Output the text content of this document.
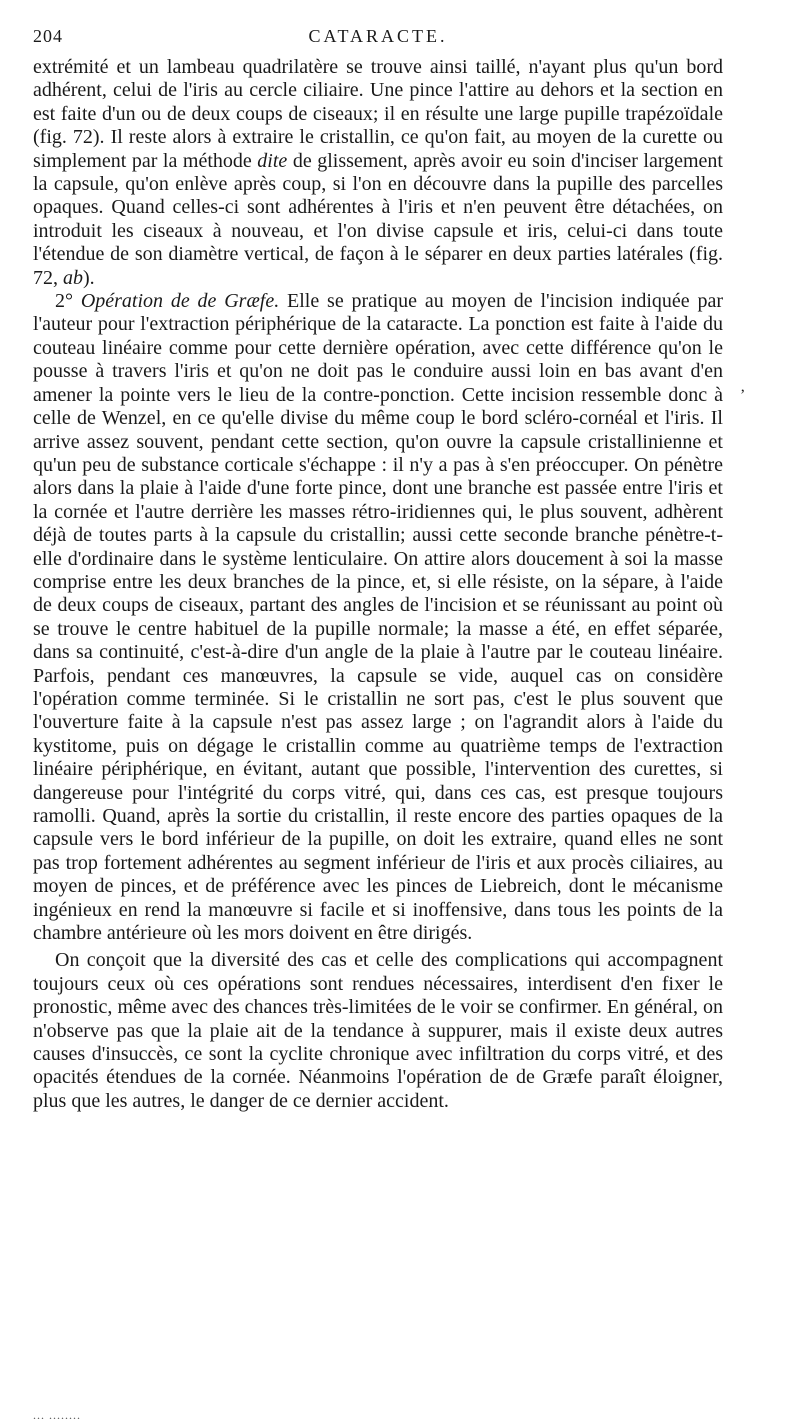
204	CATARACTE.

extrémité et un lambeau quadrilatère se trouve ainsi taillé, n'ayant plus qu'un bord adhérent, celui de l'iris au cercle ciliaire. Une pince l'attire au dehors et la section en est faite d'un ou de deux coups de ciseaux; il en résulte une large pupille trapézoïdale (fig. 72). Il reste alors à extraire le cristallin, ce qu'on fait, au moyen de la curette ou simplement par la méthode dite de glissement, après avoir eu soin d'inciser largement la capsule, qu'on enlève après coup, si l'on en découvre dans la pupille des parcelles opaques. Quand celles-ci sont adhérentes à l'iris et n'en peuvent être détachées, on introduit les ciseaux à nouveau, et l'on divise capsule et iris, celui-ci dans toute l'étendue de son diamètre vertical, de façon à le séparer en deux parties latérales (fig. 72, ab).

2° Opération de de Græfe. Elle se pratique au moyen de l'incision indiquée par l'auteur pour l'extraction périphérique de la cataracte. La ponction est faite à l'aide du couteau linéaire comme pour cette dernière opération, avec cette différence qu'on le pousse à travers l'iris et qu'on ne doit pas le conduire aussi loin en bas avant d'en amener la pointe vers le lieu de la contre-ponction. Cette incision ressemble donc à celle de Wenzel, en ce qu'elle divise du même coup le bord scléro-cornéal et l'iris. Il arrive assez souvent, pendant cette section, qu'on ouvre la capsule cristallinienne et qu'un peu de substance corticale s'échappe : il n'y a pas à s'en préoccuper. On pénètre alors dans la plaie à l'aide d'une forte pince, dont une branche est passée entre l'iris et la cornée et l'autre derrière les masses rétro-iridiennes qui, le plus souvent, adhèrent déjà de toutes parts à la capsule du cristallin; aussi cette seconde branche pénètre-t-elle d'ordinaire dans le système lenticulaire. On attire alors doucement à soi la masse comprise entre les deux branches de la pince, et, si elle résiste, on la sépare, à l'aide de deux coups de ciseaux, partant des angles de l'incision et se réunissant au point où se trouve le centre habituel de la pupille normale; la masse a été, en effet séparée, dans sa continuité, c'est-à-dire d'un angle de la plaie à l'autre par le couteau linéaire. Parfois, pendant ces manœuvres, la capsule se vide, auquel cas on considère l'opération comme terminée. Si le cristallin ne sort pas, c'est le plus souvent que l'ouverture faite à la capsule n'est pas assez large ; on l'agrandit alors à l'aide du kystitome, puis on dégage le cristallin comme au quatrième temps de l'extraction linéaire périphérique, en évitant, autant que possible, l'intervention des curettes, si dangereuse pour l'intégrité du corps vitré, qui, dans ces cas, est presque toujours ramolli. Quand, après la sortie du cristallin, il reste encore des parties opaques de la capsule vers le bord inférieur de la pupille, on doit les extraire, quand elles ne sont pas trop fortement adhérentes au segment inférieur de l'iris et aux procès ciliaires, au moyen de pinces, et de préférence avec les pinces de Liebreich, dont le mécanisme ingénieux en rend la manœuvre si facile et si inoffensive, dans tous les points de la chambre antérieure où les mors doivent en être dirigés.

On conçoit que la diversité des cas et celle des complications qui accompagnent toujours ceux où ces opérations sont rendues nécessaires, interdisent d'en fixer le pronostic, même avec des chances très-limitées de le voir se confirmer. En général, on n'observe pas que la plaie ait de la tendance à suppurer, mais il existe deux autres causes d'insuccès, ce sont la cyclite chronique avec infiltration du corps vitré, et des opacités étendues de la cornée. Néanmoins l'opération de de Græfe paraît éloigner, plus que les autres, le danger de ce dernier accident.

‚
... ........
